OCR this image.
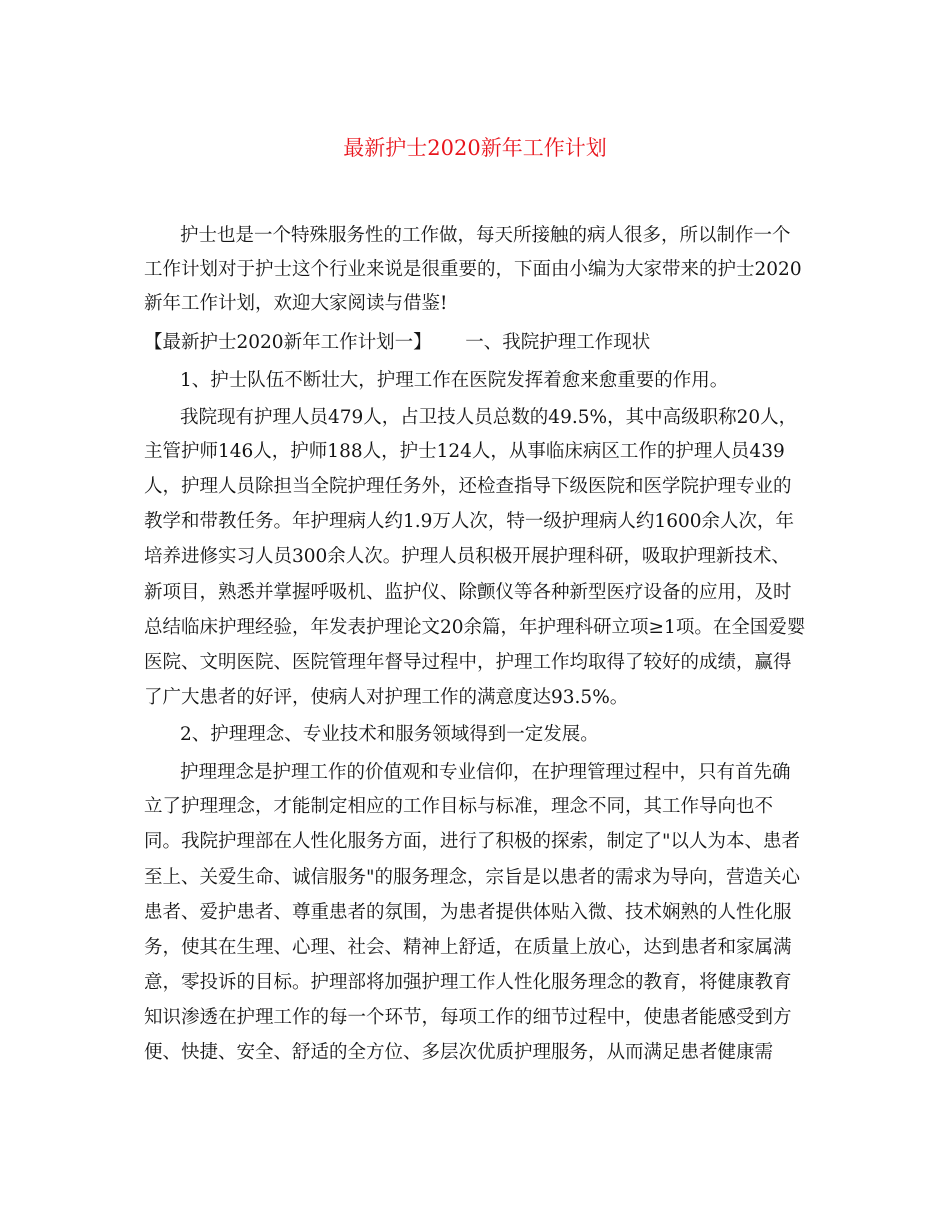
最新护士2020新年工作计划
护士也是一个特殊服务性的工作做，每天所接触的病人很多，所以制作一个
工作计划对于护士这个行业来说是很重要的，下面由小编为大家带来的护士2020
新年工作计划，欢迎大家阅读与借鉴!
【最新护士2020新年工作计划一】　　 一、我院护理工作现状
1、护士队伍不断壮大，护理工作在医院发挥着愈来愈重要的作用。
我院现有护理人员479人，占卫技人员总数的49.5%，其中高级职称20人，
主管护师146人，护师188人，护士124人，从事临床病区工作的护理人员439
人，护理人员除担当全院护理任务外，还检查指导下级医院和医学院护理专业的
教学和带教任务。年护理病人约1.9万人次，特一级护理病人约1600余人次，年
培养进修实习人员300余人次。护理人员积极开展护理科研，吸取护理新技术、
新项目，熟悉并掌握呼吸机、监护仪、除颤仪等各种新型医疗设备的应用，及时
总结临床护理经验，年发表护理论文20余篇，年护理科研立项≥1项。在全国爱婴
医院、文明医院、医院管理年督导过程中，护理工作均取得了较好的成绩，赢得
了广大患者的好评，使病人对护理工作的满意度达93.5%。
2、护理理念、专业技术和服务领域得到一定发展。
护理理念是护理工作的价值观和专业信仰，在护理管理过程中，只有首先确
立了护理理念，才能制定相应的工作目标与标准，理念不同，其工作导向也不
同。我院护理部在人性化服务方面，进行了积极的探索，制定了"以人为本、患者
至上、关爱生命、诚信服务"的服务理念，宗旨是以患者的需求为导向，营造关心
患者、爱护患者、尊重患者的氛围，为患者提供体贴入微、技术娴熟的人性化服
务，使其在生理、心理、社会、精神上舒适，在质量上放心，达到患者和家属满
意，零投诉的目标。护理部将加强护理工作人性化服务理念的教育，将健康教育
知识渗透在护理工作的每一个环节，每项工作的细节过程中，使患者能感受到方
便、快捷、安全、舒适的全方位、多层次优质护理服务，从而满足患者健康需
